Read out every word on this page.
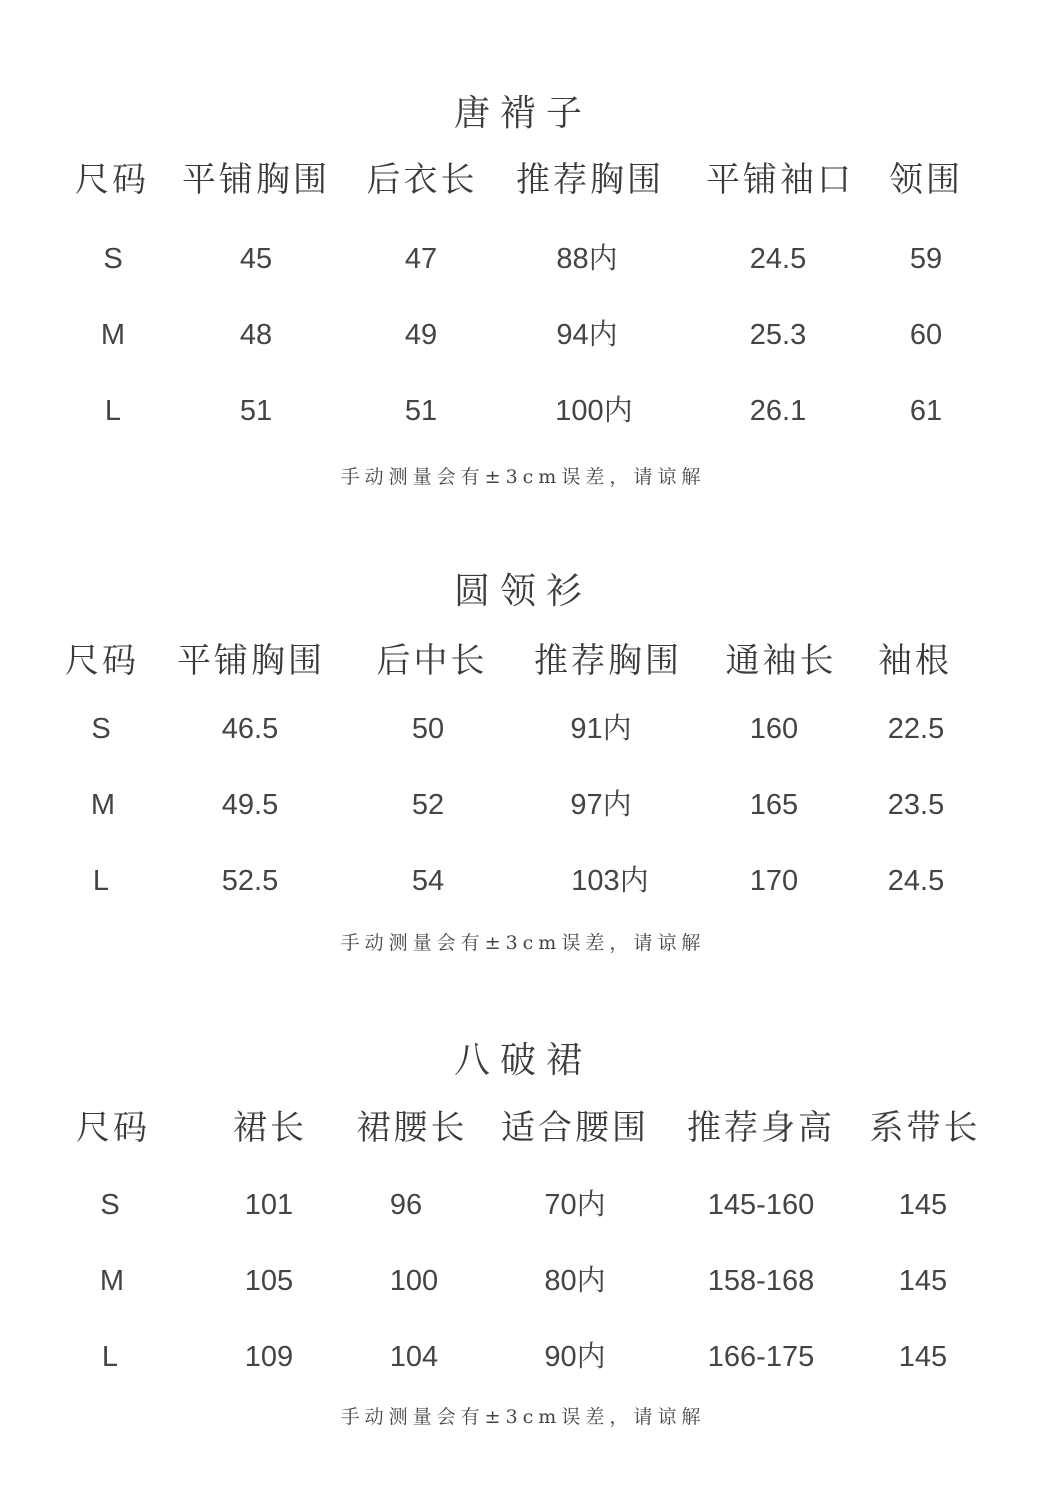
唐褙子
尺码 平铺胸围 后衣长 推荐胸围 平铺袖口 领围
S	45	47	88内	24.5	59
M	48	49	94内	25.3	60
L	51	51	100内	26.1	61
手动测量会有±3cm误差，请谅解
圆领衫
尺码 平铺胸围 后中长 推荐胸围 通袖长 袖根
S	46.5	50	91内	160	22.5
M	49.5	52	97内	165	23.5
L	52.5	54	103内	170	24.5
手动测量会有±3cm误差，请谅解
八破裙
尺码 裙长 裙腰长 适合腰围 推荐身高 系带长
S	101	96	70内	145-160	145
M	105	100	80内	158-168	145
L	109	104	90内	166-175	145
手动测量会有±3cm误差，请谅解
